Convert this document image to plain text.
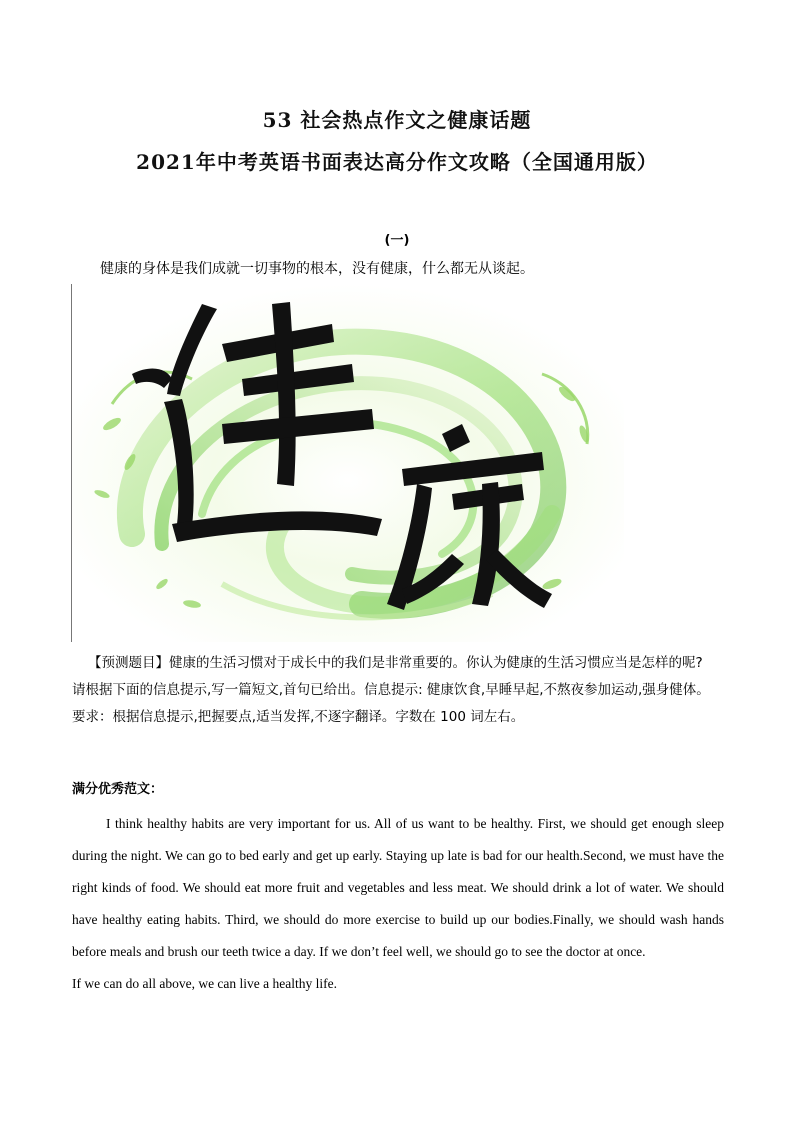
53 社会热点作文之健康话题
2021年中考英语书面表达高分作文攻略（全国通用版）
(一)
健康的身体是我们成就一切事物的根本，没有健康，什么都无从谈起。
【预测题目】健康的生活习惯对于成长中的我们是非常重要的。你认为健康的生活习惯应当是怎样的呢?
请根据下面的信息提示,写一篇短文,首句已给出。信息提示: 健康饮食,早睡早起,不熬夜参加运动,强身健体。
要求：根据信息提示,把握要点,适当发挥,不逐字翻译。字数在 100 词左右。
满分优秀范文：

I think healthy habits are very important for us. All of us want to be healthy. First, we should get enough sleep during the night. We can go to bed early and get up early. Staying up late is bad for our health.Second, we must have the right kinds of food. We should eat more fruit and vegetables and less meat. We should drink a lot of water. We should have healthy eating habits. Third, we should do more exercise to build up our bodies.Finally, we should wash hands before meals and brush our teeth twice a day. If we don’t feel well, we should go to see the doctor at once.

If we can do all above, we can live a healthy life.
